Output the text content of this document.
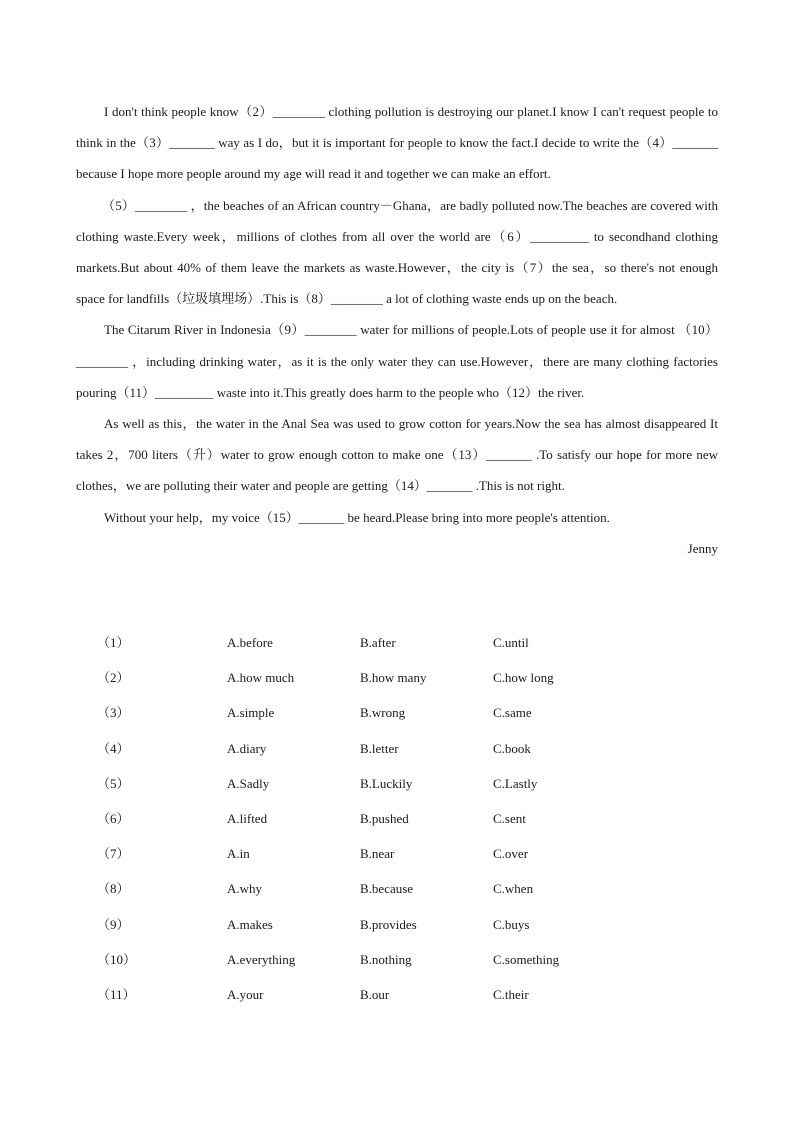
I don't think people know（2）________ clothing pollution is destroying our planet.I know I can't request people to think in the（3）_______ way as I do，but it is important for people to know the fact.I decide to write the（4）_______ because I hope more people around my age will read it and together we can make an effort.

（5）________ ，the beaches of an African country－Ghana，are badly polluted now.The beaches are covered with clothing waste.Every week，millions of clothes from all over the world are（6）_________ to secondhand clothing markets.But about 40% of them leave the markets as waste.However，the city is（7）the sea，so there's not enough space for landfills（垃圾填埋场）.This is（8）________ a lot of clothing waste ends up on the beach.

The Citarum River in Indonesia（9）________ water for millions of people.Lots of people use it for almost （10）________ ，including drinking water，as it is the only water they can use.However，there are many clothing factories pouring（11）_________ waste into it.This greatly does harm to the people who（12）the river.

As well as this，the water in the Anal Sea was used to grow cotton for years.Now the sea has almost disappeared It takes 2，700 liters（升）water to grow enough cotton to make one（13）_______ .To satisfy our hope for more new clothes，we are polluting their water and people are getting（14）_______ .This is not right.

Without your help，my voice（15）_______ be heard.Please bring into more people's attention.

Jenny

（1）	A.before	B.after	C.until
（2）	A.how much	B.how many	C.how long
（3）	A.simple	B.wrong	C.same
（4）	A.diary	B.letter	C.book
（5）	A.Sadly	B.Luckily	C.Lastly
（6）	A.lifted	B.pushed	C.sent
（7）	A.in	B.near	C.over
（8）	A.why	B.because	C.when
（9）	A.makes	B.provides	C.buys
（10）	A.everything	B.nothing	C.something
（11）	A.your	B.our	C.their
